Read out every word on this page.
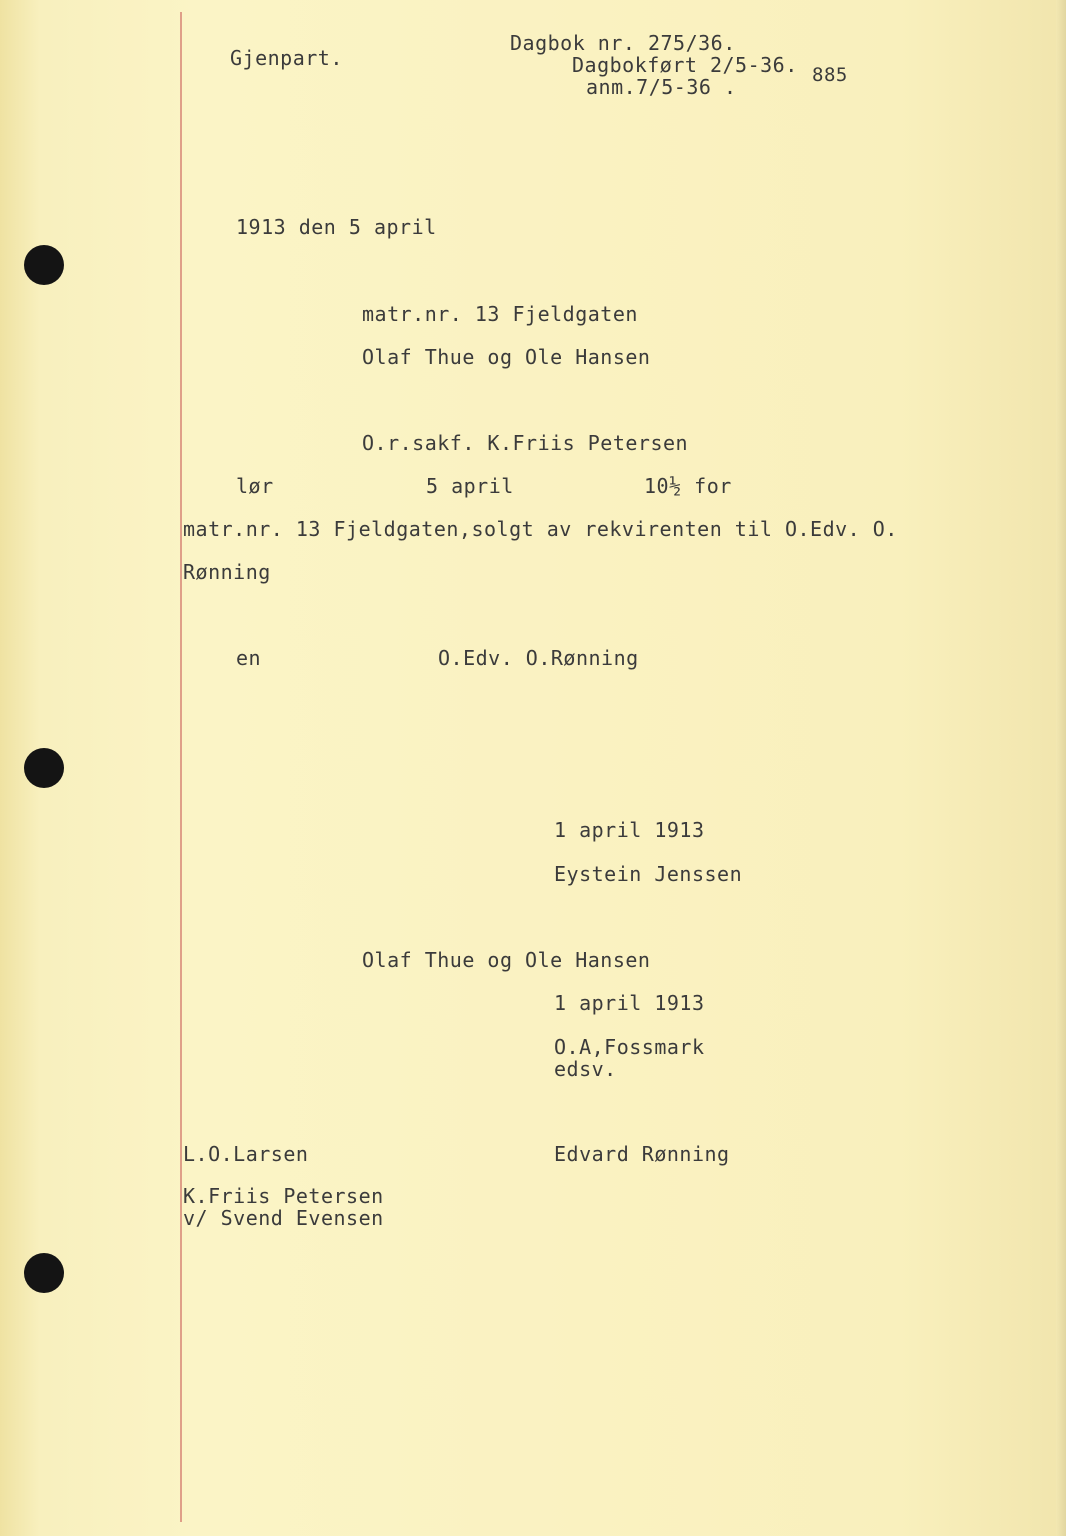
Gjenpart.
Dagbok nr. 275/36.
Dagbokført 2/5-36.
anm.7/5-36 .	885
1913 den 5 april
matr.nr. 13 Fjeldgaten
Olaf Thue og Ole Hansen
O.r.sakf. K.Friis Petersen
lør	5 april	10½ for
matr.nr. 13 Fjeldgaten,solgt av rekvirenten til O.Edv. O.
Rønning
en	O.Edv. O.Rønning
1 april 1913
Eystein Jenssen
Olaf Thue og Ole Hansen
1 april 1913
O.A,Fossmark
edsv.
L.O.Larsen	Edvard Rønning
K.Friis Petersen
v/ Svend Evensen
